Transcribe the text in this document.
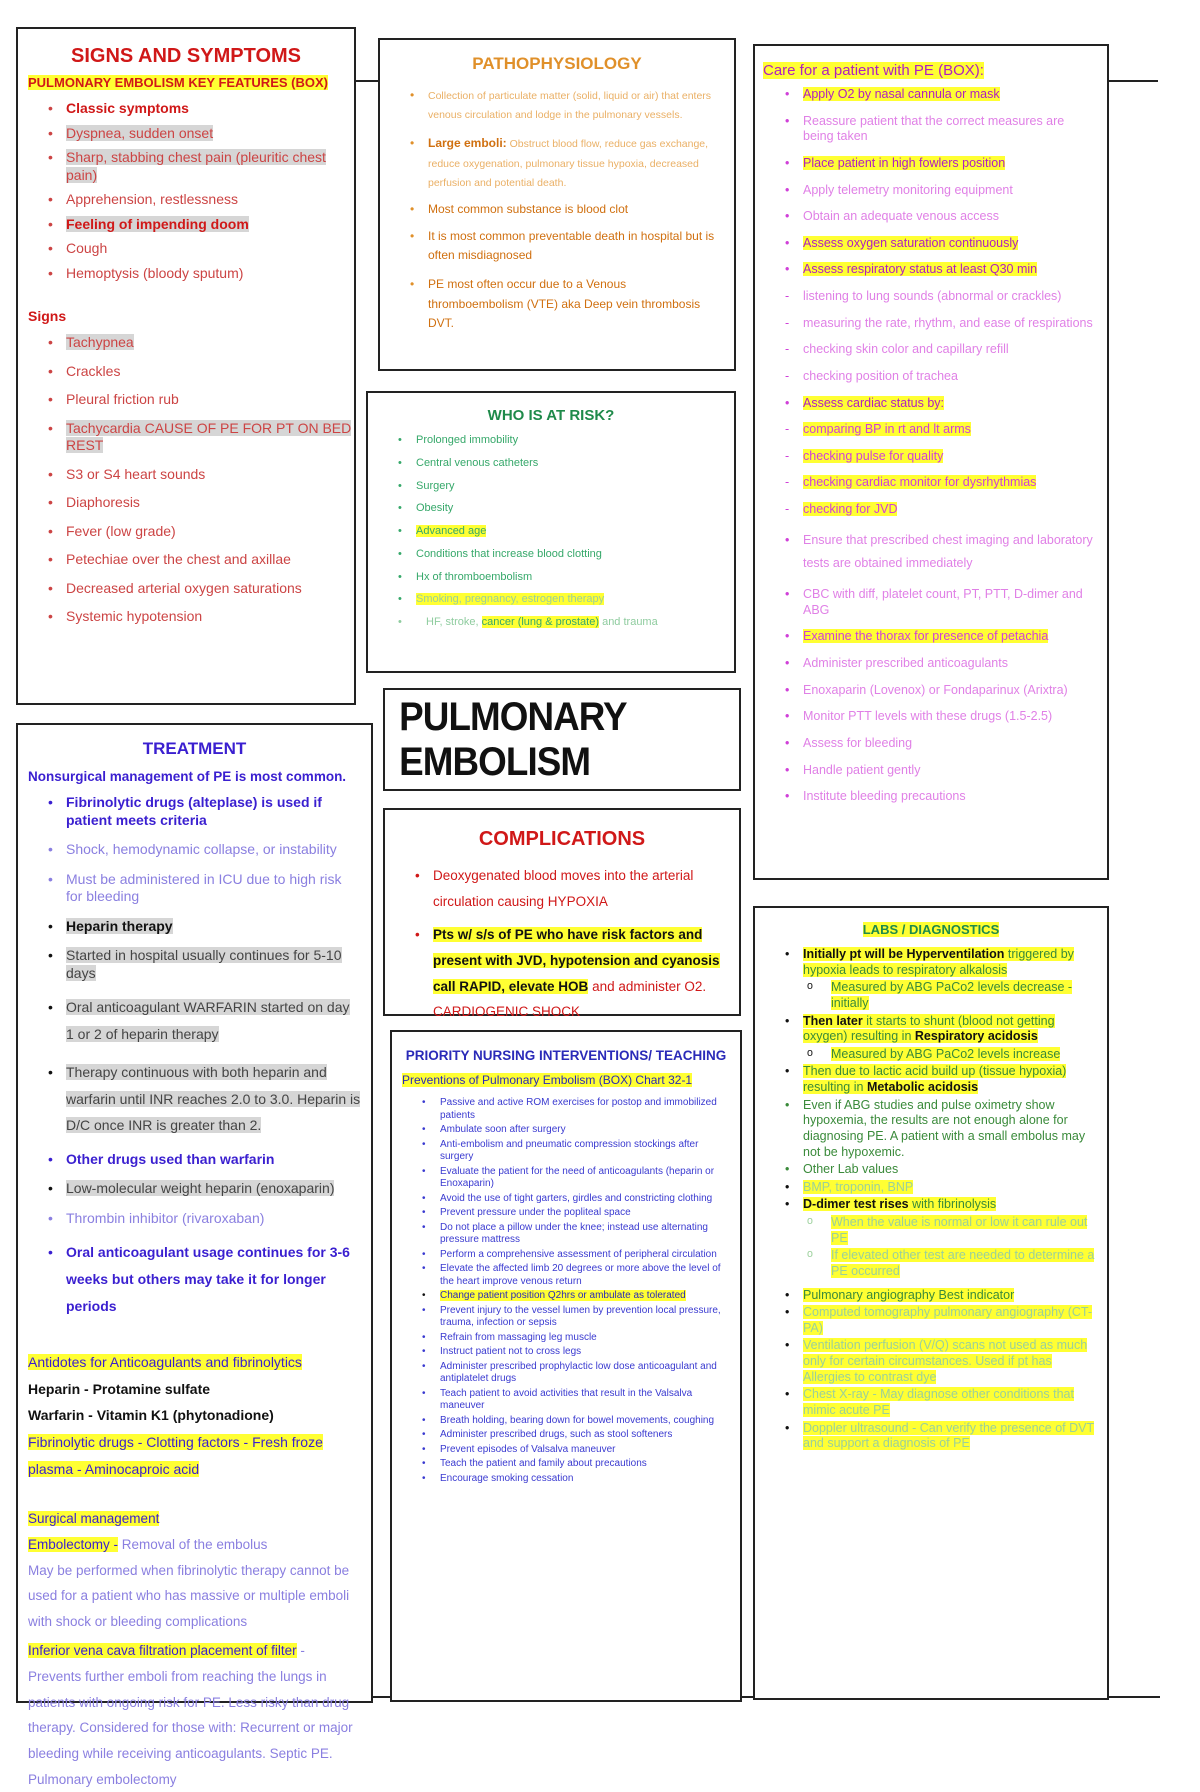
SIGNS AND SYMPTOMS
PULMONARY EMBOLISM KEY FEATURES (BOX)
• Classic symptoms
• Dyspnea, sudden onset
• Sharp, stabbing chest pain (pleuritic chest pain)
• Apprehension, restlessness
• Feeling of impending doom
• Cough
• Hemoptysis (bloody sputum)
Signs
• Tachypnea
• Crackles
• Pleural friction rub
• Tachycardia CAUSE OF PE FOR PT ON BED REST
• S3 or S4 heart sounds
• Diaphoresis
• Fever (low grade)
• Petechiae over the chest and axillae
• Decreased arterial oxygen saturations
• Systemic hypotension
PATHOPHYSIOLOGY
• Collection of particulate matter (solid, liquid or air) that enters venous circulation and lodge in the pulmonary vessels.
• Large emboli: Obstruct blood flow, reduce gas exchange, reduce oxygenation, pulmonary tissue hypoxia, decreased perfusion and potential death.
• Most common substance is blood clot
• It is most common preventable death in hospital but is often misdiagnosed
• PE most often occur due to a Venous thromboembolism (VTE) aka Deep vein thrombosis DVT.
WHO IS AT RISK?
• Prolonged immobility
• Central venous catheters
• Surgery
• Obesity
• Advanced age
• Conditions that increase blood clotting
• Hx of thromboembolism
• Smoking, pregnancy, estrogen therapy
• HF, stroke, cancer (lung & prostate) and trauma
PULMONARY EMBOLISM
COMPLICATIONS
• Deoxygenated blood moves into the arterial circulation causing HYPOXIA
• Pts w/ s/s of PE who have risk factors and present with JVD, hypotension and cyanosis call RAPID, elevate HOB and administer O2. CARDIOGENIC SHOCK
TREATMENT
Nonsurgical management of PE is most common.
• Fibrinolytic drugs (alteplase) is used if patient meets criteria
• Shock, hemodynamic collapse, or instability
• Must be administered in ICU due to high risk for bleeding
• Heparin therapy
• Started in hospital usually continues for 5-10 days
• Oral anticoagulant WARFARIN started on day 1 or 2 of heparin therapy
• Therapy continuous with both heparin and warfarin until INR reaches 2.0 to 3.0. Heparin is D/C once INR is greater than 2.
• Other drugs used than warfarin
• Low-molecular weight heparin (enoxaparin)
• Thrombin inhibitor (rivaroxaban)
• Oral anticoagulant usage continues for 3-6 weeks but others may take it for longer periods

Antidotes for Anticoagulants and fibrinolytics

Heparin - Protamine sulfate

Warfarin - Vitamin K1 (phytonadione)

Fibrinolytic drugs - Clotting factors - Fresh froze plasma - Aminocaproic acid

Surgical management

Embolectomy - Removal of the embolus

May be performed when fibrinolytic therapy cannot be used for a patient who has massive or multiple emboli with shock or bleeding complications

Inferior vena cava filtration placement of filter - Prevents further emboli from reaching the lungs in patients with ongoing risk for PE. Less risky than drug therapy. Considered for those with: Recurrent or major bleeding while receiving anticoagulants. Septic PE. Pulmonary embolectomy

PRIORITY NURSING INTERVENTIONS/ TEACHING
Preventions of Pulmonary Embolism (BOX) Chart 32-1
• Passive and active ROM exercises for postop and immobilized patients
• Ambulate soon after surgery
• Anti-embolism and pneumatic compression stockings after surgery
• Evaluate the patient for the need of anticoagulants (heparin or Enoxaparin)
• Avoid the use of tight garters, girdles and constricting clothing
• Prevent pressure under the popliteal space
• Do not place a pillow under the knee; instead use alternating pressure mattress
• Perform a comprehensive assessment of peripheral circulation
• Elevate the affected limb 20 degrees or more above the level of the heart improve venous return
• Change patient position Q2hrs or ambulate as tolerated
• Prevent injury to the vessel lumen by prevention local pressure, trauma, infection or sepsis
• Refrain from massaging leg muscle
• Instruct patient not to cross legs
• Administer prescribed prophylactic low dose anticoagulant and antiplatelet drugs
• Teach patient to avoid activities that result in the Valsalva maneuver
• Breath holding, bearing down for bowel movements, coughing
• Administer prescribed drugs, such as stool softeners
• Prevent episodes of Valsalva maneuver
• Teach the patient and family about precautions
• Encourage smoking cessation
Care for a patient with PE (BOX):
• Apply O2 by nasal cannula or mask
• Reassure patient that the correct measures are being taken
• Place patient in high fowlers position
• Apply telemetry monitoring equipment
• Obtain an adequate venous access
• Assess oxygen saturation continuously
• Assess respiratory status at least Q30 min
- listening to lung sounds (abnormal or crackles)
- measuring the rate, rhythm, and ease of respirations
- checking skin color and capillary refill
- checking position of trachea
• Assess cardiac status by:
- comparing BP in rt and lt arms
- checking pulse for quality
- checking cardiac monitor for dysrhythmias
- checking for JVD
• Ensure that prescribed chest imaging and laboratory tests are obtained immediately
• CBC with diff, platelet count, PT, PTT, D-dimer and ABG
• Examine the thorax for presence of petachia
• Administer prescribed anticoagulants
• Enoxaparin (Lovenox) or Fondaparinux (Arixtra)
• Monitor PTT levels with these drugs (1.5-2.5)
• Assess for bleeding
• Handle patient gently
• Institute bleeding precautions
LABS / DIAGNOSTICS
• Initially pt will be Hyperventilation triggered by hypoxia leads to respiratory alkalosis
o Measured by ABG PaCo2 levels decrease - initially
• Then later it starts to shunt (blood not getting oxygen) resulting in Respiratory acidosis
o Measured by ABG PaCo2 levels increase
• Then due to lactic acid build up (tissue hypoxia) resulting in Metabolic acidosis
• Even if ABG studies and pulse oximetry show hypoxemia, the results are not enough alone for diagnosing PE. A patient with a small embolus may not be hypoxemic.
• Other Lab values
• BMP, troponin, BNP
• D-dimer test rises with fibrinolysis
o When the value is normal or low it can rule out PE
o If elevated other test are needed to determine a PE occurred
• Pulmonary angiography Best indicator
• Computed tomography pulmonary angiography (CT-PA)
• Ventilation perfusion (V/Q) scans not used as much only for certain circumstances. Used if pt has Allergies to contrast dye
• Chest X-ray - May diagnose other conditions that mimic acute PE
• Doppler ultrasound - Can verify the presence of DVT and support a diagnosis of PE
